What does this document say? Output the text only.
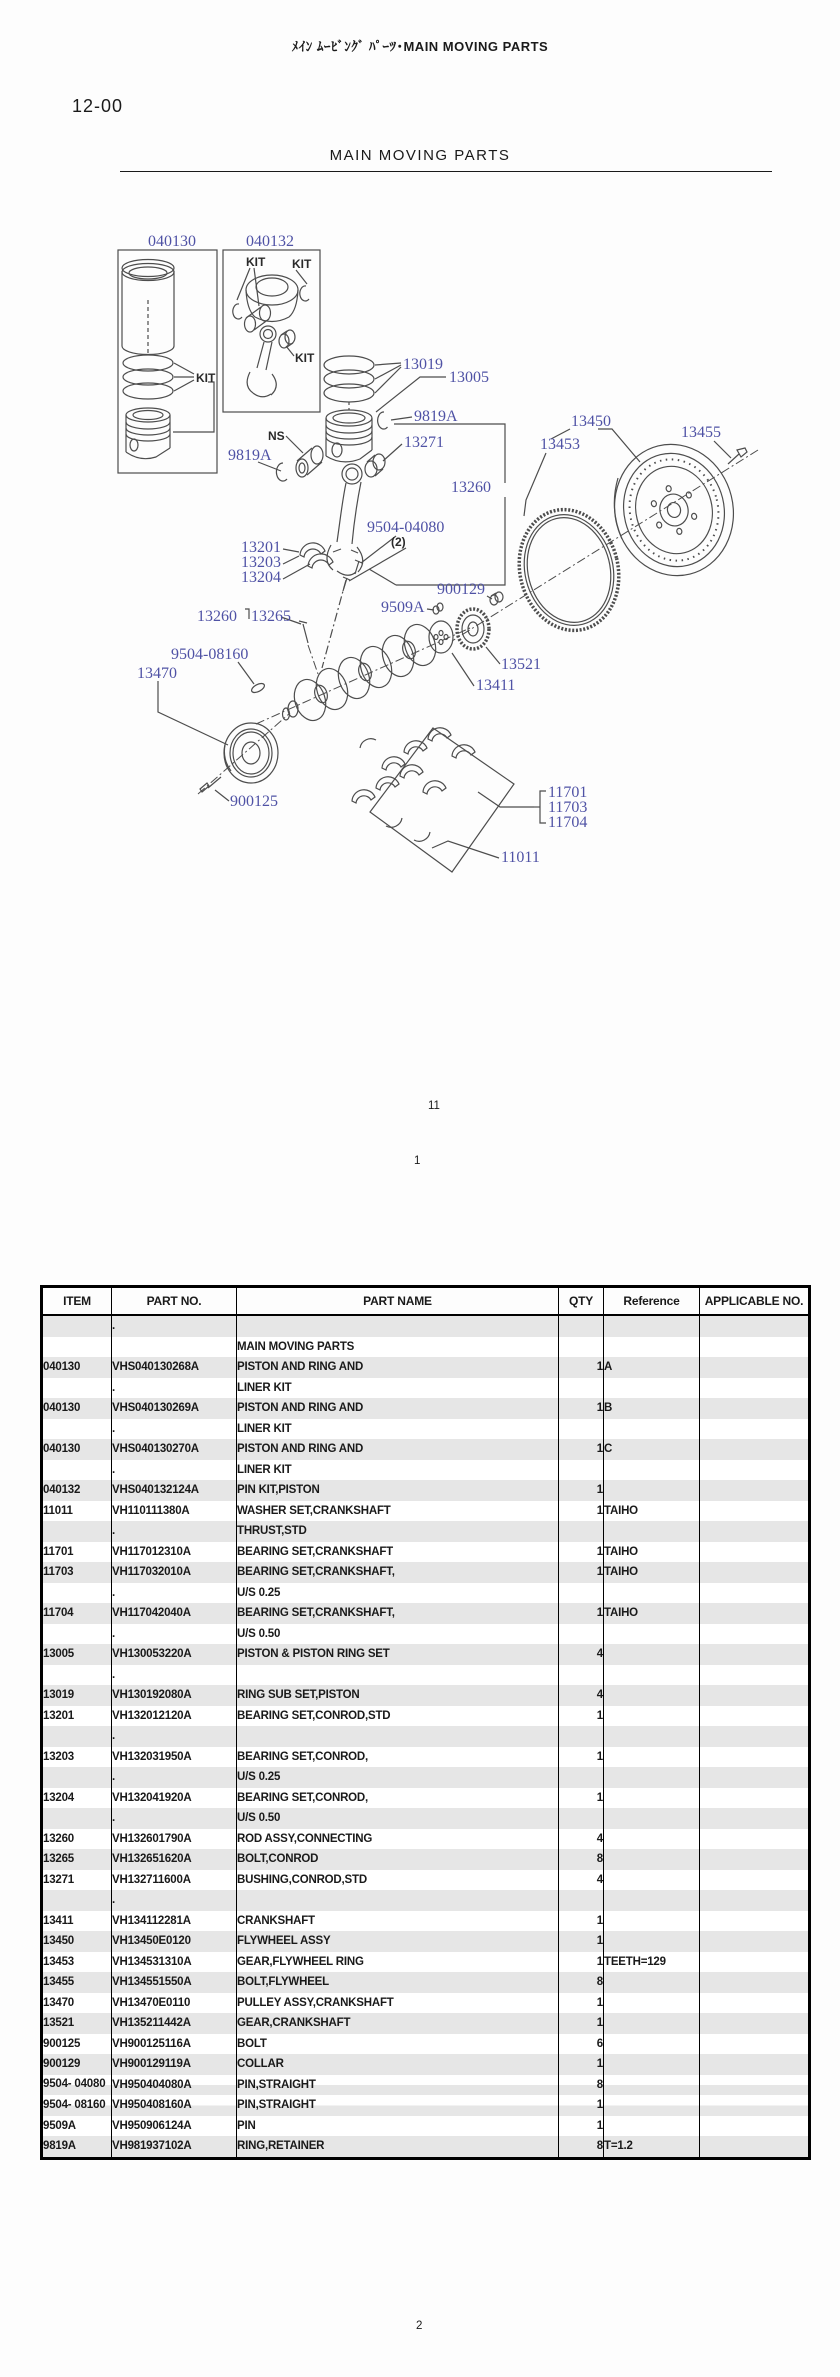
ﾒｲﾝ ﾑｰﾋﾞﾝｸﾞ ﾊﾟｰﾂ･MAIN MOVING PARTS
12-00
MAIN MOVING PARTS
040130	040132
KIT
KIT KIT
KIT	13019
13005
9819A
13271
NS
9819A
13260
9504-04080
(2)
13201
13203
13204
13260 13265
9504-08160
13470
900125
900129
9509A
13521
13411
11701
11703
11704
11011
13450
13453
13455
11
1
ITEM	PART NO.	PART NAME	QTY	Reference	APPLICABLE NO.
	.				
		MAIN MOVING PARTS			
040130	VHS040130268A	PISTON AND RING AND	1	A	
	.	LINER KIT			
040130	VHS040130269A	PISTON AND RING AND	1	B	
	.	LINER KIT			
040130	VHS040130270A	PISTON AND RING AND	1	C	
	.	LINER KIT			
040132	VHS040132124A	PIN KIT,PISTON	1		
11011	VH110111380A	WASHER SET,CRANKSHAFT	1	TAIHO	
	.	THRUST,STD			
11701	VH117012310A	BEARING SET,CRANKSHAFT	1	TAIHO	
11703	VH117032010A	BEARING SET,CRANKSHAFT,	1	TAIHO	
	.	U/S 0.25			
11704	VH117042040A	BEARING SET,CRANKSHAFT,	1	TAIHO	
	.	U/S 0.50			
13005	VH130053220A	PISTON & PISTON RING SET	4		
	.				
13019	VH130192080A	RING SUB SET,PISTON	4		
13201	VH132012120A	BEARING SET,CONROD,STD	1		
	.				
13203	VH132031950A	BEARING SET,CONROD,	1		
	.	U/S 0.25			
13204	VH132041920A	BEARING SET,CONROD,	1		
	.	U/S 0.50			
13260	VH132601790A	ROD ASSY,CONNECTING	4		
13265	VH132651620A	BOLT,CONROD	8		
13271	VH132711600A	BUSHING,CONROD,STD	4		
	.				
13411	VH134112281A	CRANKSHAFT	1		
13450	VH13450E0120	FLYWHEEL ASSY	1		
13453	VH134531310A	GEAR,FLYWHEEL RING	1	TEETH=129	
13455	VH134551550A	BOLT,FLYWHEEL	8		
13470	VH13470E0110	PULLEY ASSY,CRANKSHAFT	1		
13521	VH135211442A	GEAR,CRANKSHAFT	1		
900125	VH900125116A	BOLT	6		
900129	VH900129119A	COLLAR	1		
9504- 04080	VH950404080A	PIN,STRAIGHT	8		
9504- 08160	VH950408160A	PIN,STRAIGHT	1		
9509A	VH950906124A	PIN	1		
9819A	VH981937102A	RING,RETAINER	8	T=1.2	
2
